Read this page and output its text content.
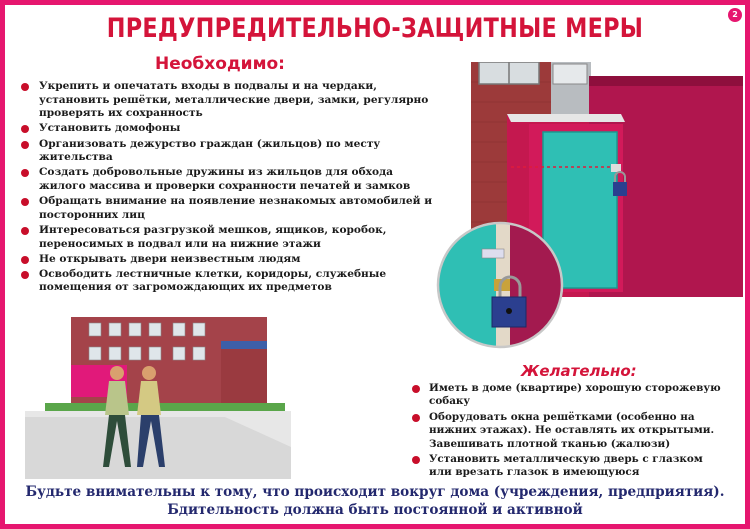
2
ПРЕДУПРЕДИТЕЛЬНО-ЗАЩИТНЫЕ МЕРЫ
Необходимо:
Укрепить и опечатать входы в подвалы и на чердаки, установить решётки, металлические двери, замки, регулярно проверять их сохранность
Установить домофоны
Организовать дежурство граждан (жильцов) по месту жительства
Создать добровольные дружины из жильцов для обхода жилого массива и проверки сохранности печатей и замков
Обращать внимание на появление незнакомых автомобилей и посторонних лиц
Интересоваться разгрузкой мешков, ящиков, коробок, переносимых в подвал или на нижние этажи
Не открывать двери неизвестным людям
Освободить лестничные клетки, коридоры, служебные помещения от загромождающих их предметов
Желательно:
Иметь в доме (квартире) хорошую сторожевую собаку
Оборудовать окна решётками (особенно на нижних этажах). Не оставлять их открытыми. Завешивать плотной тканью (жалюзи)
Установить металлическую дверь с глазком или врезать глазок в имеющуюся
Будьте внимательны к тому, что происходит вокруг дома (учреждения, предприятия).
Бдительность должна быть постоянной и активной
